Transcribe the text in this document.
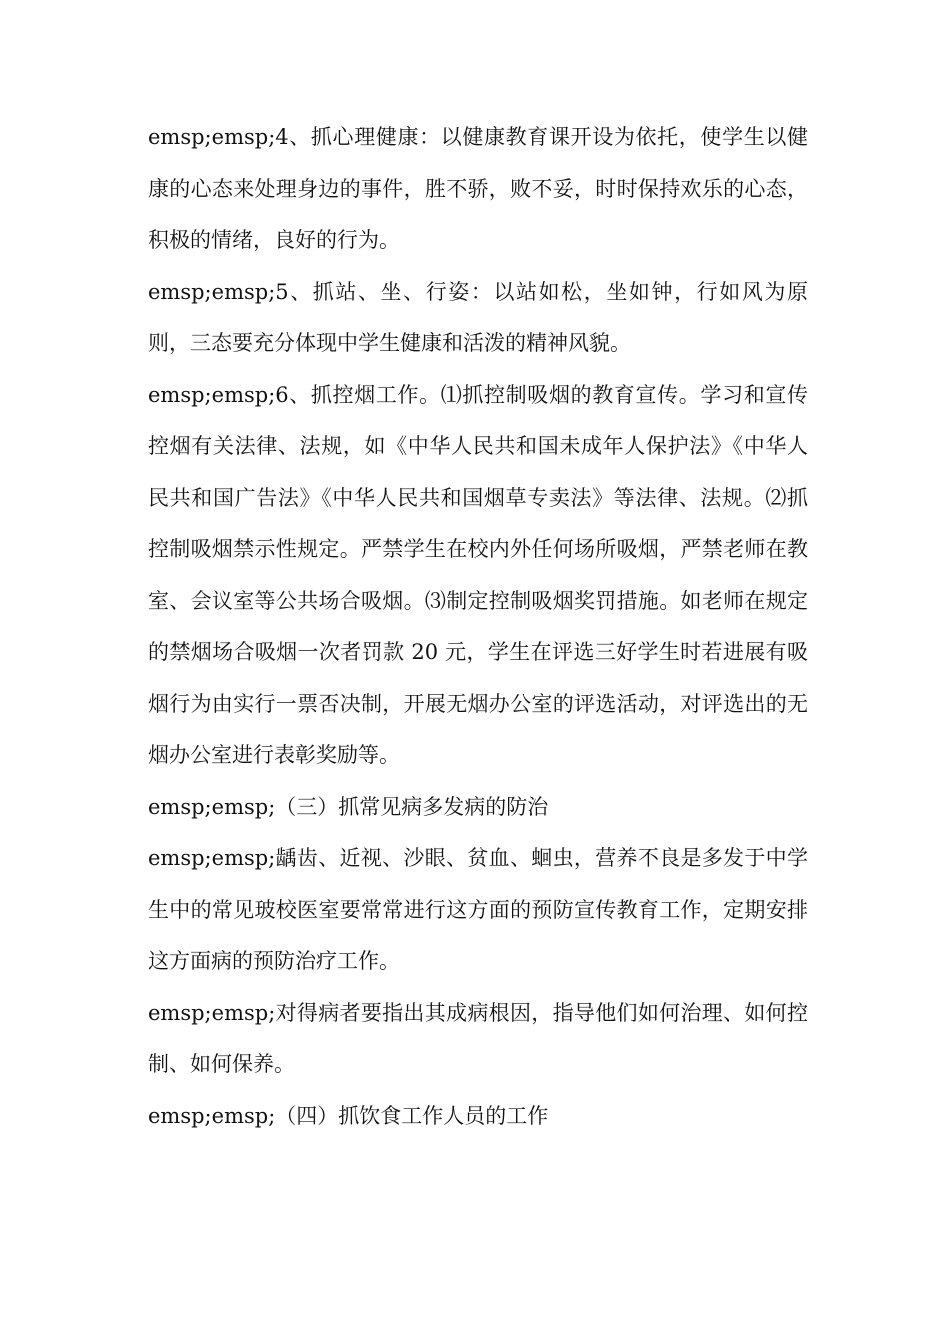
emsp;emsp;4、抓心理健康：以健康教育课开设为依托，使学生以健康的心态来处理身边的事件，胜不骄，败不妥，时时保持欢乐的心态，积极的情绪，良好的行为。

emsp;emsp;5、抓站、坐、行姿：以站如松，坐如钟，行如风为原则，三态要充分体现中学生健康和活泼的精神风貌。

emsp;emsp;6、抓控烟工作。⑴抓控制吸烟的教育宣传。学习和宣传控烟有关法律、法规，如《中华人民共和国未成年人保护法》《中华人民共和国广告法》《中华人民共和国烟草专卖法》等法律、法规。⑵抓控制吸烟禁示性规定。严禁学生在校内外任何场所吸烟，严禁老师在教室、会议室等公共场合吸烟。⑶制定控制吸烟奖罚措施。如老师在规定的禁烟场合吸烟一次者罚款 20 元，学生在评选三好学生时若进展有吸烟行为由实行一票否决制，开展无烟办公室的评选活动，对评选出的无烟办公室进行表彰奖励等。

emsp;emsp;（三）抓常见病多发病的防治

emsp;emsp;龋齿、近视、沙眼、贫血、蛔虫，营养不良是多发于中学生中的常见玻校医室要常常进行这方面的预防宣传教育工作，定期安排这方面病的预防治疗工作。

emsp;emsp;对得病者要指出其成病根因，指导他们如何治理、如何控制、如何保养。

emsp;emsp;（四）抓饮食工作人员的工作
